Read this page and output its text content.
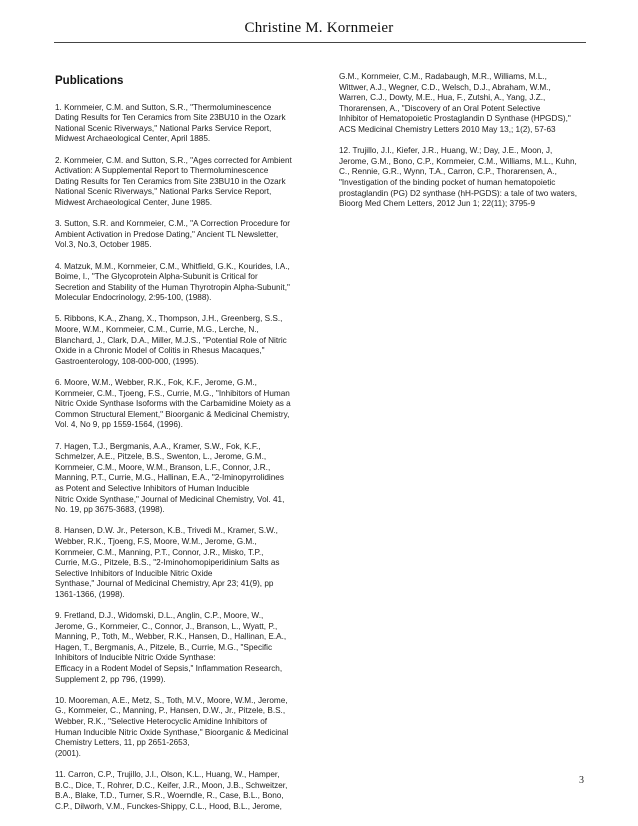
Christine M. Kornmeier
Publications
1. Kornmeier, C.M. and Sutton, S.R., "Thermoluminescence
Dating Results for Ten Ceramics from Site 23BU10 in the Ozark
National Scenic Riverways," National Parks Service Report,
Midwest Archaeological Center, April 1885.
2. Kornmeier, C.M. and Sutton, S.R., "Ages corrected for Ambient
Activation: A Supplemental Report to Thermoluminescence
Dating Results for Ten Ceramics from Site 23BU10 in the Ozark
National Scenic Riverways," National Parks Service Report,
Midwest Archaeological Center, June 1985.
3. Sutton, S.R. and Kornmeier, C.M., "A Correction Procedure for
Ambient Activation in Predose Dating," Ancient TL Newsletter,
Vol.3, No.3, October 1985.
4. Matzuk, M.M., Kornmeier, C.M., Whitfield, G.K., Kourides, I.A.,
Boime, I., "The Glycoprotein Alpha-Subunit is Critical for
Secretion and Stability of the Human Thyrotropin Alpha-Subunit,"
Molecular Endocrinology, 2:95-100, (1988).
5. Ribbons, K.A., Zhang, X., Thompson, J.H., Greenberg, S.S.,
Moore, W.M., Kornmeier, C.M., Currie, M.G., Lerche, N.,
Blanchard, J., Clark, D.A., Miller, M.J.S., "Potential Role of Nitric
Oxide in a Chronic Model of Colitis in Rhesus Macaques,"
Gastroenterology, 108-000-000, (1995).
6. Moore, W.M., Webber, R.K., Fok, K.F., Jerome, G.M.,
Kornmeier, C.M., Tjoeng, F.S., Currie, M.G., "Inhibitors of Human
Nitric Oxide Synthase Isoforms with the Carbamidine Moiety as a
Common Structural Element," Bioorganic & Medicinal Chemistry,
Vol. 4, No 9, pp 1559-1564, (1996).
7. Hagen, T.J., Bergmanis, A.A., Kramer, S.W., Fok, K.F.,
Schmelzer, A.E., Pitzele, B.S., Swenton, L., Jerome, G.M.,
Kornmeier, C.M., Moore, W.M., Branson, L.F., Connor, J.R.,
Manning, P.T., Currie, M.G., Hallinan, E.A., "2-Iminopyrrolidines
as Potent and Selective Inhibitors of Human Inducible
Nitric Oxide Synthase," Journal of Medicinal Chemistry, Vol. 41,
No. 19, pp 3675-3683, (1998).
8. Hansen, D.W. Jr., Peterson, K.B., Trivedi M., Kramer, S.W.,
Webber, R.K., Tjoeng, F.S, Moore, W.M., Jerome, G.M.,
Kornmeier, C.M., Manning, P.T., Connor, J.R., Misko, T.P.,
Currie, M.G., Pitzele, B.S., "2-Iminohomopiperidinium Salts as
Selective Inhibitors of Inducible Nitric Oxide
Synthase," Journal of Medicinal Chemistry, Apr 23; 41(9), pp
1361-1366, (1998).
9. Fretland, D.J., Widomski, D.L., Anglin, C.P., Moore, W.,
Jerome, G., Kornmeier, C., Connor, J., Branson, L., Wyatt, P.,
Manning, P., Toth, M., Webber, R.K., Hansen, D., Hallinan, E.A.,
Hagen, T., Bergmanis, A., Pitzele, B., Currie, M.G., "Specific
Inhibitors of Inducible Nitric Oxide Synthase:
Efficacy in a Rodent Model of Sepsis," Inflammation Research,
Supplement 2, pp 796, (1999).
10. Mooreman, A.E., Metz, S., Toth, M.V., Moore, W.M., Jerome,
G., Kornmeier, C., Manning, P., Hansen, D.W., Jr., Pitzele, B.S.,
Webber, R.K., "Selective Heterocyclic Amidine Inhibitors of
Human Inducible Nitric Oxide Synthase," Bioorganic & Medicinal
Chemistry Letters, 11, pp 2651-2653,
(2001).
11. Carron, C.P., Trujillo, J.I., Olson, K.L., Huang, W., Hamper,
B.C., Dice, T., Rohrer, D.C., Keifer, J.R., Moon, J.B., Schweitzer,
B.A., Blake, T.D., Turner, S.R., Woerndle, R., Case, B.L., Bono,
C.P., Dilworh, V.M., Funckes-Shippy, C.L., Hood, B.L., Jerome,
G.M., Kornmeier, C.M., Radabaugh, M.R., Williams, M.L.,
Wittwer, A.J., Wegner, C.D., Welsch, D.J., Abraham, W.M.,
Warren, C.J., Dowty, M.E., Hua, F., Zutshi, A., Yang, J.Z.,
Thorarensen, A., "Discovery of an Oral Potent Selective
Inhibitor of Hematopoietic Prostaglandin D Synthase (HPGDS),"
ACS Medicinal Chemistry Letters 2010 May 13,; 1(2), 57-63
12. Trujillo, J.I., Kiefer, J.R., Huang, W.; Day, J.E., Moon, J,
Jerome, G.M., Bono, C.P., Kornmeier, C.M., Williams, M.L., Kuhn,
C., Rennie, G.R., Wynn, T.A., Carron, C.P., Thorarensen, A.,
"Investigation of the binding pocket of human hematopoietic
prostaglandin (PG) D2 synthase (hH-PGDS): a tale of two waters,
Bioorg Med Chem Letters, 2012 Jun 1; 22(11); 3795-9
3
